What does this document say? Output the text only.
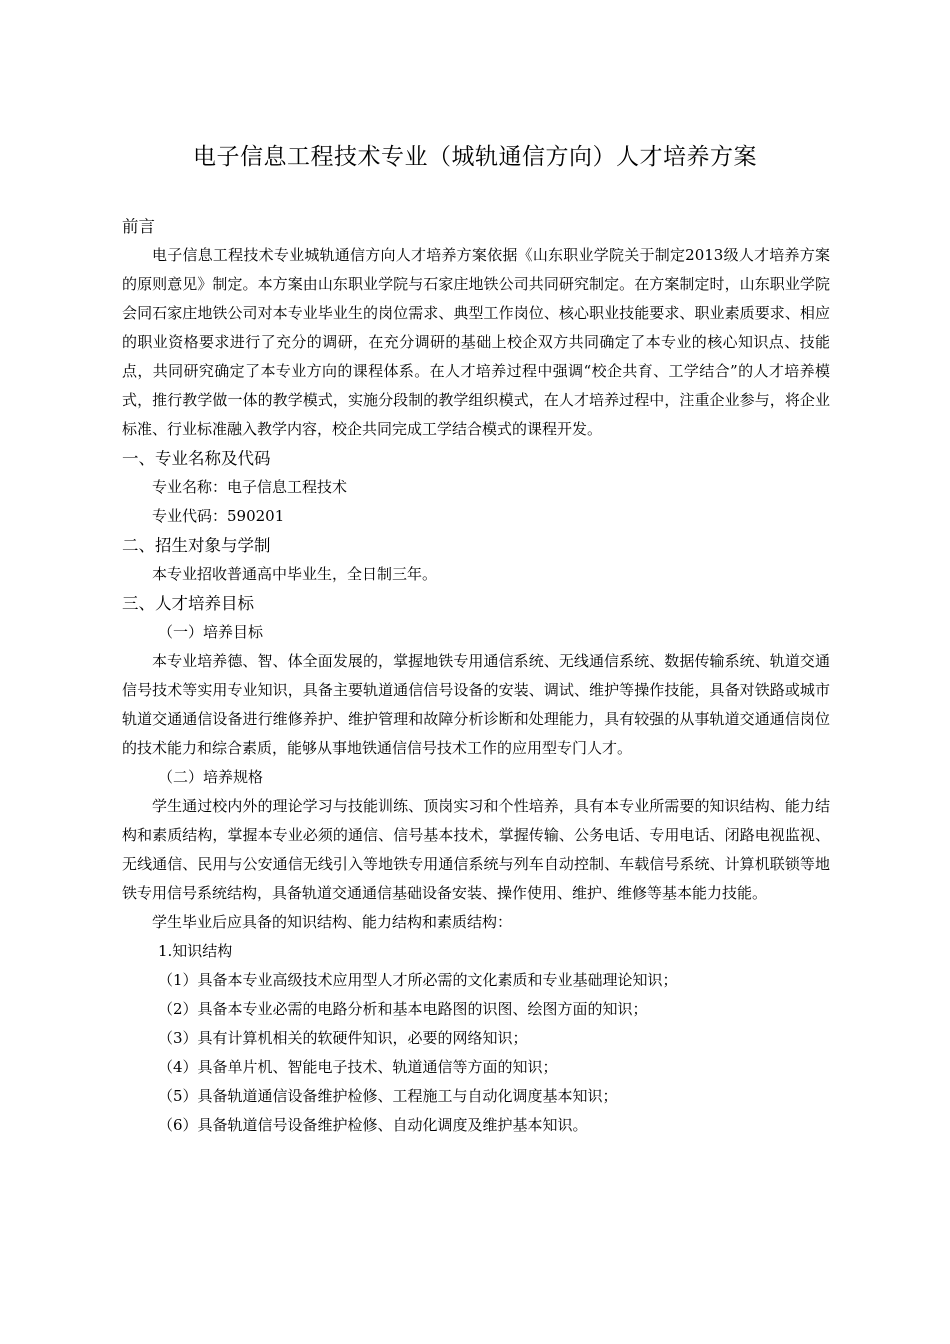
电子信息工程技术专业（城轨通信方向）人才培养方案

前言

电子信息工程技术专业城轨通信方向人才培养方案依据《山东职业学院关于制定2013级人才培养方案的原则意见》制定。本方案由山东职业学院与石家庄地铁公司共同研究制定。在方案制定时，山东职业学院会同石家庄地铁公司对本专业毕业生的岗位需求、典型工作岗位、核心职业技能要求、职业素质要求、相应的职业资格要求进行了充分的调研，在充分调研的基础上校企双方共同确定了本专业的核心知识点、技能点，共同研究确定了本专业方向的课程体系。在人才培养过程中强调“校企共育、工学结合”的人才培养模式，推行教学做一体的教学模式，实施分段制的教学组织模式，在人才培养过程中，注重企业参与，将企业标准、行业标准融入教学内容，校企共同完成工学结合模式的课程开发。

一、专业名称及代码

专业名称：电子信息工程技术

专业代码：590201

二、招生对象与学制

本专业招收普通高中毕业生，全日制三年。

三、人才培养目标

（一）培养目标

本专业培养德、智、体全面发展的，掌握地铁专用通信系统、无线通信系统、数据传输系统、轨道交通信号技术等实用专业知识，具备主要轨道通信信号设备的安装、调试、维护等操作技能，具备对铁路或城市轨道交通通信设备进行维修养护、维护管理和故障分析诊断和处理能力，具有较强的从事轨道交通通信岗位的技术能力和综合素质，能够从事地铁通信信号技术工作的应用型专门人才。

（二）培养规格

学生通过校内外的理论学习与技能训练、顶岗实习和个性培养，具有本专业所需要的知识结构、能力结构和素质结构，掌握本专业必须的通信、信号基本技术，掌握传输、公务电话、专用电话、闭路电视监视、无线通信、民用与公安通信无线引入等地铁专用通信系统与列车自动控制、车载信号系统、计算机联锁等地铁专用信号系统结构，具备轨道交通通信基础设备安装、操作使用、维护、维修等基本能力技能。

学生毕业后应具备的知识结构、能力结构和素质结构：

1.知识结构

（1）具备本专业高级技术应用型人才所必需的文化素质和专业基础理论知识；

（2）具备本专业必需的电路分析和基本电路图的识图、绘图方面的知识；

（3）具有计算机相关的软硬件知识，必要的网络知识；

（4）具备单片机、智能电子技术、轨道通信等方面的知识；

（5）具备轨道通信设备维护检修、工程施工与自动化调度基本知识；

（6）具备轨道信号设备维护检修、自动化调度及维护基本知识。
